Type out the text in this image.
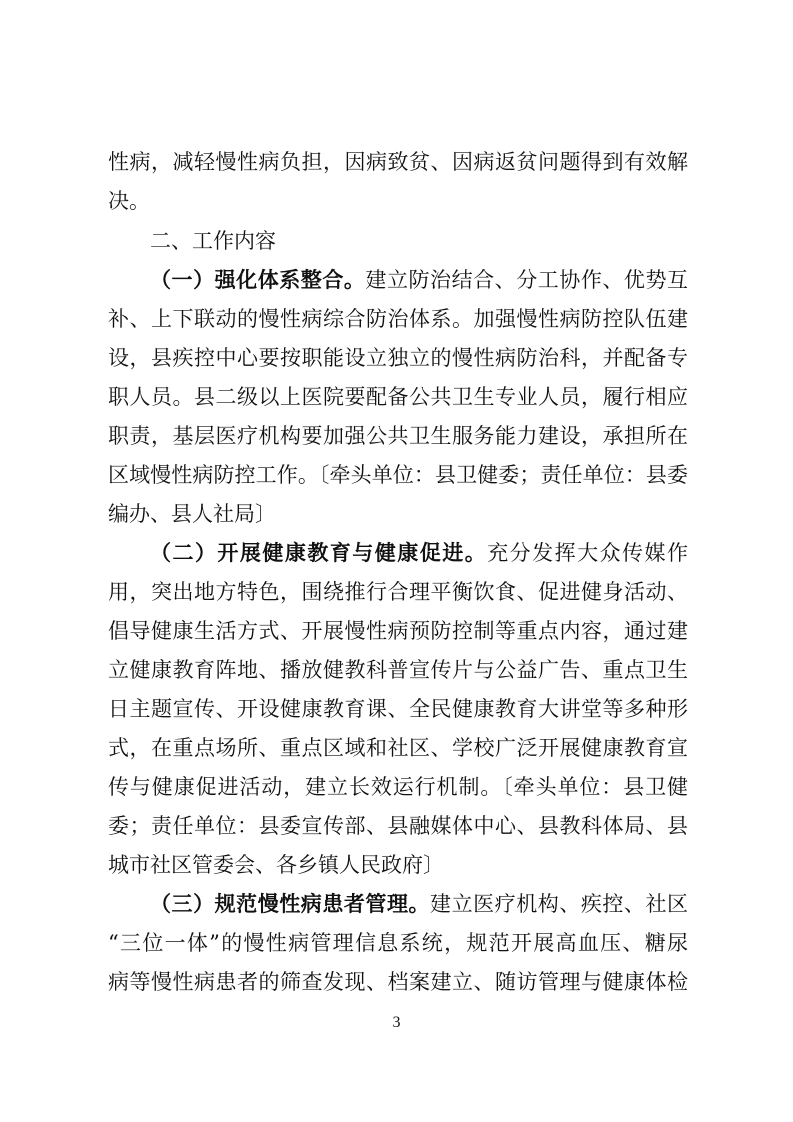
性病，减轻慢性病负担，因病致贫、因病返贫问题得到有效解
决。
二、工作内容
（一）强化体系整合。建立防治结合、分工协作、优势互
补、上下联动的慢性病综合防治体系。加强慢性病防控队伍建
设，县疾控中心要按职能设立独立的慢性病防治科，并配备专
职人员。县二级以上医院要配备公共卫生专业人员，履行相应
职责，基层医疗机构要加强公共卫生服务能力建设，承担所在
区域慢性病防控工作。〔牵头单位：县卫健委；责任单位：县委
编办、县人社局〕
（二）开展健康教育与健康促进。充分发挥大众传媒作
用，突出地方特色，围绕推行合理平衡饮食、促进健身活动、
倡导健康生活方式、开展慢性病预防控制等重点内容，通过建
立健康教育阵地、播放健教科普宣传片与公益广告、重点卫生
日主题宣传、开设健康教育课、全民健康教育大讲堂等多种形
式，在重点场所、重点区域和社区、学校广泛开展健康教育宣
传与健康促进活动，建立长效运行机制。〔牵头单位：县卫健
委；责任单位：县委宣传部、县融媒体中心、县教科体局、县
城市社区管委会、各乡镇人民政府〕
（三）规范慢性病患者管理。建立医疗机构、疾控、社区
“三位一体”的慢性病管理信息系统，规范开展高血压、糖尿
病等慢性病患者的筛查发现、档案建立、随访管理与健康体检
3
